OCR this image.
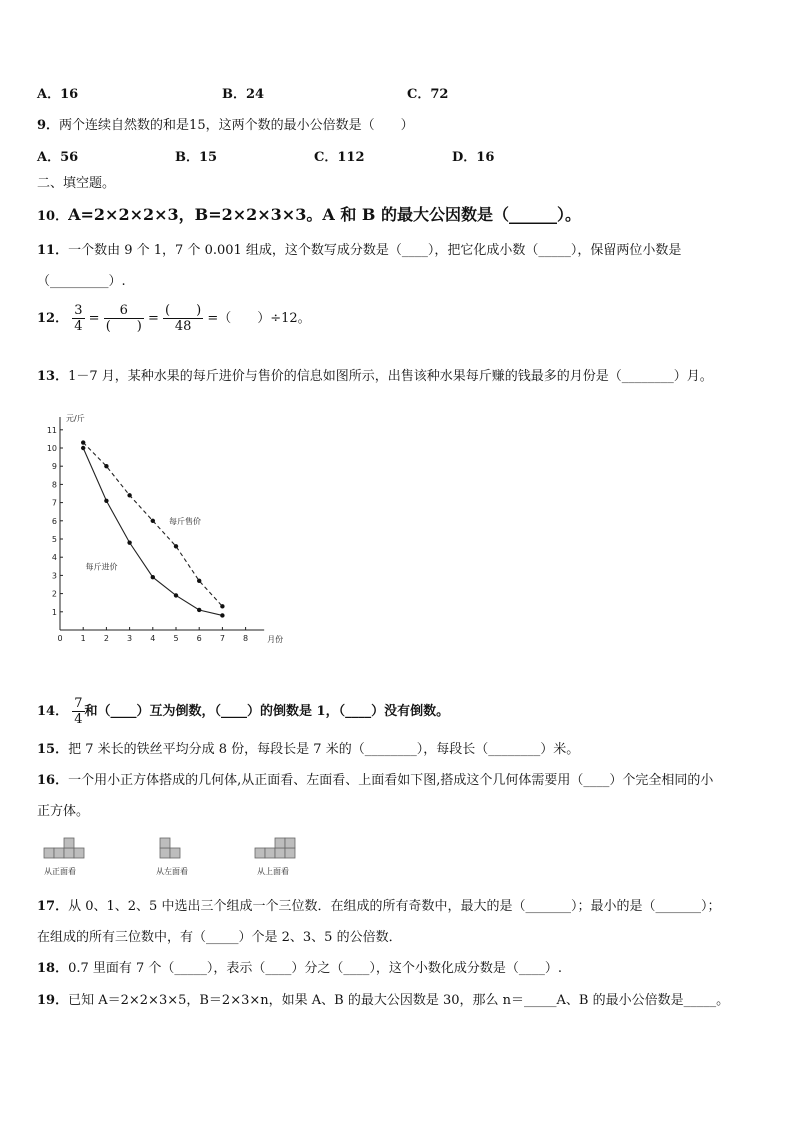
A．16	B．24	C．72
9．两个连续自然数的和是15，这两个数的最小公倍数是（　　）
A．56	B．15	C．112	D．16
二、填空题。
10．A=2×2×2×3，B=2×2×3×3。A 和 B 的最大公因数是（______）。
11．一个数由 9 个 1，7 个 0.001 组成，这个数写成分数是（____），把它化成小数（_____），保留两位小数是
（_________）.
12． $\frac{3}{4} = \frac{6}{( )} = \frac{( )}{48}$ =（　　）÷12。
13．1－7 月，某种水果的每斤进价与售价的信息如图所示，出售该种水果每斤赚的钱最多的月份是（________）月。
0 1 2 3 4 5 6 7 8
1
2
3
4
5
6
7
8
9
10
11
元/斤
月份
每斤售价
每斤进价
14． $\frac{7}{4}$ 和（____）互为倒数，（____）的倒数是 1，（____）没有倒数。
15．把 7 米长的铁丝平均分成 8 份，每段长是 7 米的（________），每段长（________）米。
16．一个用小正方体搭成的几何体,从正面看、左面看、上面看如下图,搭成这个几何体需要用（____）个完全相同的小
正方体。
从正面看	从左面看	从上面看
17．从 0、1、2、5 中选出三个组成一个三位数．在组成的所有奇数中，最大的是（_______）；最小的是（_______）；
在组成的所有三位数中，有（_____）个是 2、3、5 的公倍数．
18．0.7 里面有 7 个（_____），表示（____）分之（____），这个小数化成分数是（____）.
19．已知 A＝2×2×3×5，B＝2×3×n，如果 A、B 的最大公因数是 30，那么 n＝_____A、B 的最小公倍数是_____。
